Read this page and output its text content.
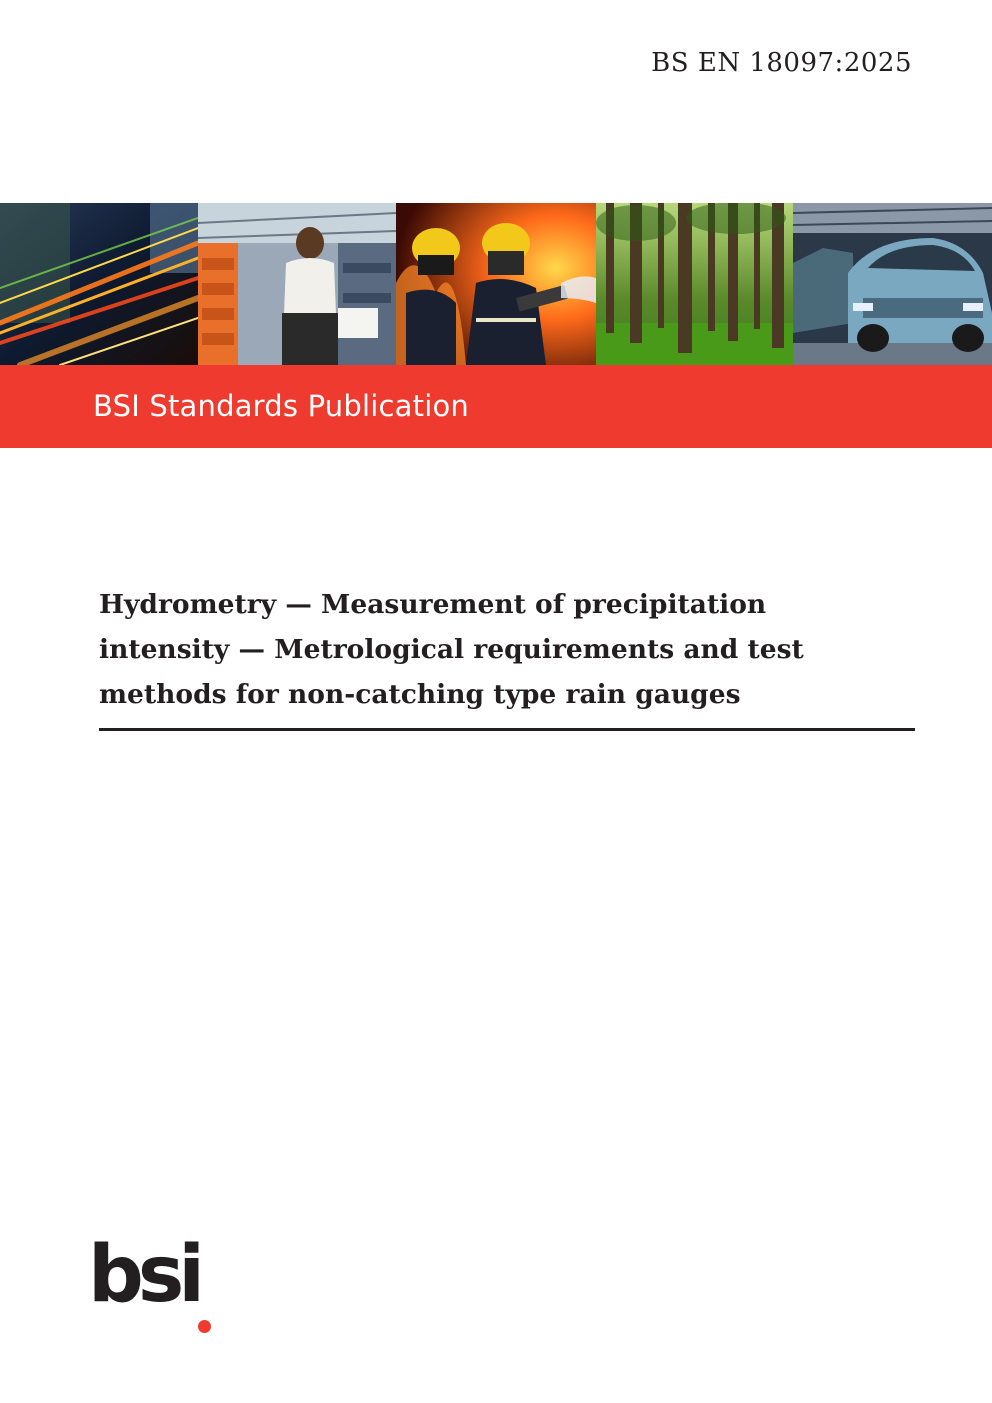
BS EN 18097:2025
BSI Standards Publication
Hydrometry — Measurement of precipitation
intensity — Metrological requirements and test
methods for non-catching type rain gauges
bsi
